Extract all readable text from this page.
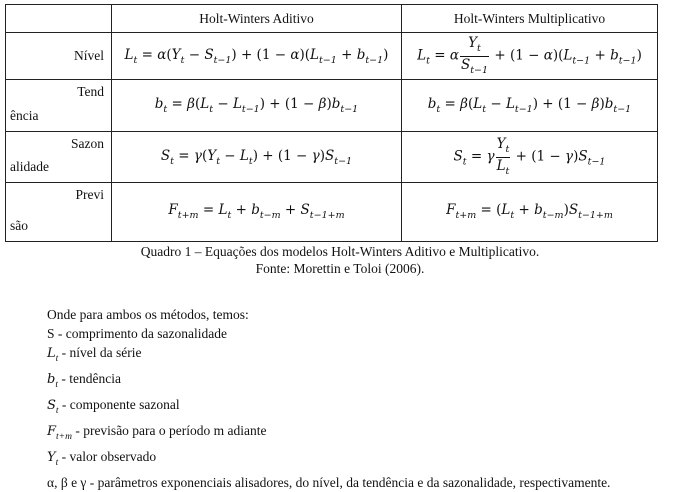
	Holt-Winters Aditivo	Holt-Winters Multiplicativo

Nível	$L_t = \alpha(Y_t - S_{t-1}) + (1 - \alpha)(L_{t-1} + b_{t-1})$	$L_t = \alpha \frac{Y_t}{S_{t-1}} + (1 - \alpha)(L_{t-1} + b_{t-1})$

Tend
ência	$b_t = \beta(L_t - L_{t-1}) + (1 - \beta)b_{t-1}$	$b_t = \beta(L_t - L_{t-1}) + (1 - \beta)b_{t-1}$

Sazon
alidade	$S_t = \gamma(Y_t - L_t) + (1 - \gamma)S_{t-1}$	$S_t = \gamma \frac{Y_t}{L_t} + (1 - \gamma)S_{t-1}$

Previ
são	$F_{t+m} = L_t + b_{t-m} + S_{t-1+m}$	$F_{t+m} = (L_t + b_{t-m})S_{t-1+m}$
Quadro 1 – Equações dos modelos Holt-Winters Aditivo e Multiplicativo.
Fonte: Morettin e Toloi (2006).
Onde para ambos os métodos, temos:
S - comprimento da sazonalidade
$L_t$ - nível da série
$b_t$ - tendência
$S_t$ - componente sazonal
$F_{t+m}$ - previsão para o período m adiante
$Y_t$ - valor observado
α, β e γ - parâmetros exponenciais alisadores, do nível, da tendência e da sazonalidade, respectivamente.
